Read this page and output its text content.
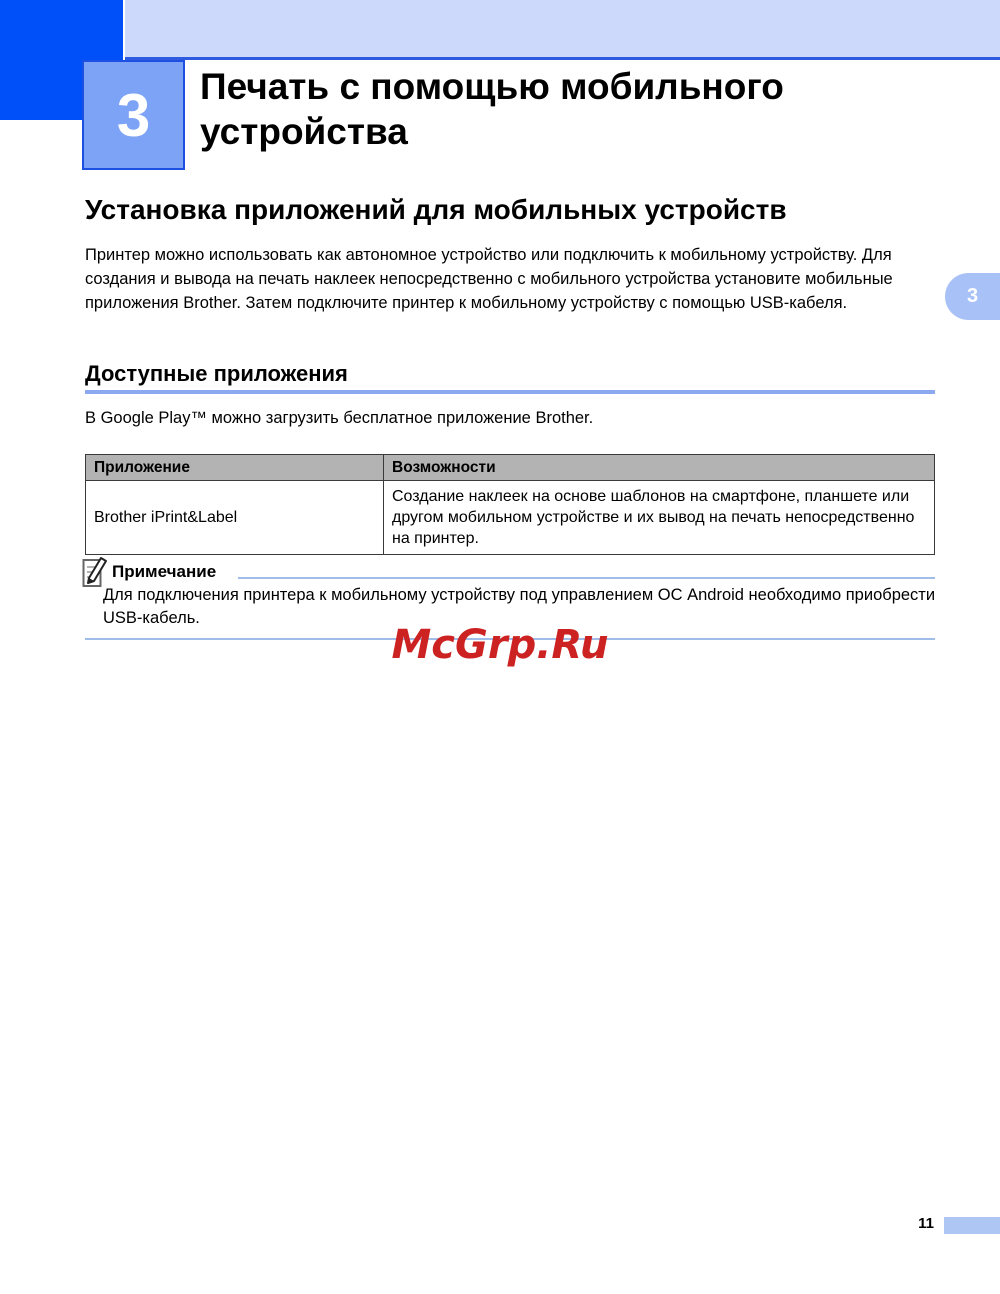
3 Печать с помощью мобильного
устройства
3
Установка приложений для мобильных устройств

Принтер можно использовать как автономное устройство или подключить к мобильному устройству. Для создания и вывода на печать наклеек непосредственно с мобильного устройства установите мобильные приложения Brother. Затем подключите принтер к мобильному устройству с помощью USB-кабеля.

Доступные приложения

В Google Play™ можно загрузить бесплатное приложение Brother.

Приложение	Возможности
Brother iPrint&Label	Создание наклеек на основе шаблонов на смартфоне, планшете или другом мобильном устройстве и их вывод на печать непосредственно на принтер.
Примечание

Для подключения принтера к мобильному устройству под управлением ОС Android необходимо приобрести USB-кабель.

McGrp.Ru
11
